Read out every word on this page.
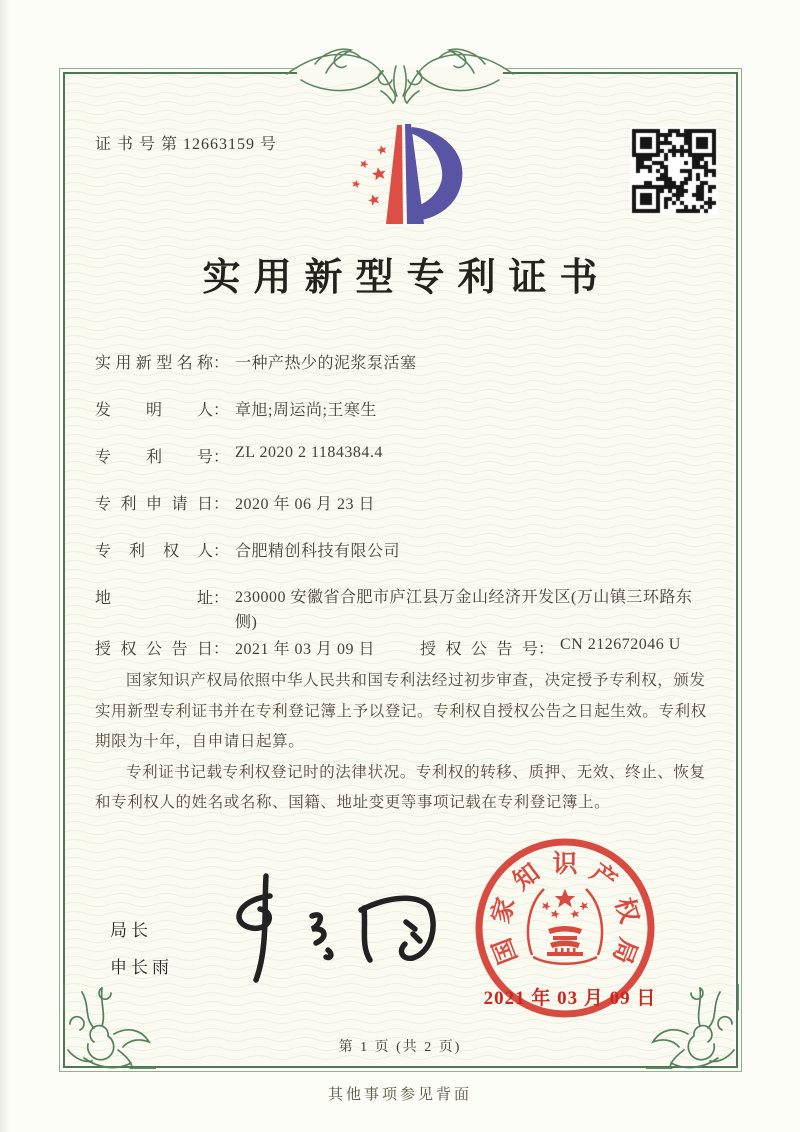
证 书 号 第 12663159 号
实用新型专利证书
实用新型名称： 一种产热少的泥浆泵活塞
发明人： 章旭;周运尚;王寒生
专利号： ZL 2020 2 1184384.4
专利申请日： 2020 年 06 月 23 日
专利权人： 合肥精创科技有限公司
地址： 230000 安徽省合肥市庐江县万金山经济开发区(万山镇三环路东侧)
授权公告日： 2021 年 03 月 09 日	授权公告号： CN 212672046 U

国家知识产权局依照中华人民共和国专利法经过初步审查，决定授予专利权，颁发实用新型专利证书并在专利登记簿上予以登记。专利权自授权公告之日起生效。专利权期限为十年，自申请日起算。

专利证书记载专利权登记时的法律状况。专利权的转移、质押、无效、终止、恢复和专利权人的姓名或名称、国籍、地址变更等事项记载在专利登记簿上。

局长
申长雨
国
家
知 识 产
权
局
2021 年 03 月 09 日
第 1 页 (共 2 页)
其他事项参见背面
